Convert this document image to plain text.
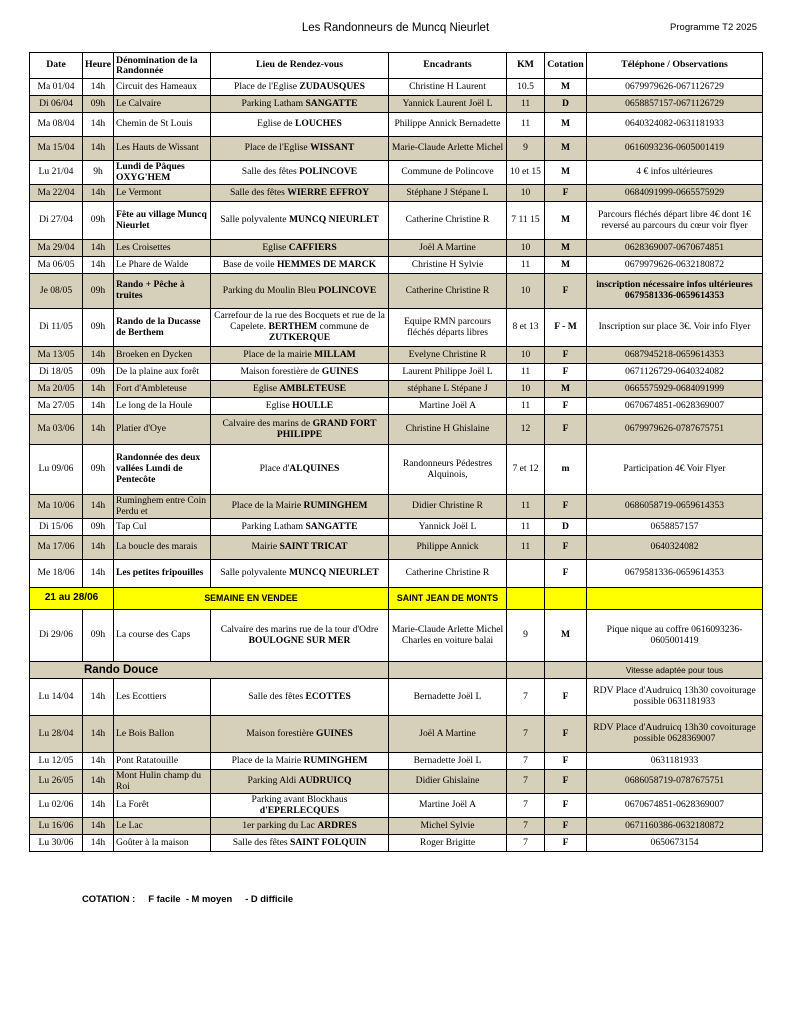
Les Randonneurs de Muncq Nieurlet	Programme T2 2025
Date	Heure	Dénomination de la Randonnée	Lieu de Rendez-vous	Encadrants	KM	Cotation	Téléphone / Observations
Ma 01/04	14h	Circuit des Hameaux	Place de l'Eglise ZUDAUSQUES	Christine H Laurent	10.5	M	0679979626-0671126729
Di 06/04	09h	Le Calvaire	Parking Latham SANGATTE	Yannick Laurent Joël L	11	D	0658857157-0671126729
Ma 08/04	14h	Chemin de St Louis	Eglise de LOUCHES	Philippe Annick Bernadette	11	M	0640324082-0631181933
Ma 15/04	14h	Les Hauts de Wissant	Place de l'Eglise WISSANT	Marie-Claude Arlette Michel	9	M	0616093236-0605001419
Lu 21/04	9h	Lundi de Pâques OXYG'HEM	Salle des fêtes POLINCOVE	Commune de Polincove	10 et 15	M	4 € infos ultérieures
Ma 22/04	14h	Le Vermont	Salle des fêtes WIERRE EFFROY	Stéphane J Stépane L	10	F	0684091999-0665575929
Di 27/04	09h	Fête au village Muncq Nieurlet	Salle polyvalente MUNCQ NIEURLET	Catherine Christine R	7 11 15	M	Parcours fléchés départ libre 4€ dont 1€ reversé au parcours du cœur voir flyer
Ma 29/04	14h	Les Croisettes	Eglise CAFFIERS	Joël A Martine	10	M	0628369007-0670674851
Ma 06/05	14h	Le Phare de Walde	Base de voile HEMMES DE MARCK	Christine H Sylvie	11	M	0679979626-0632180872
Je 08/05	09h	Rando + Pêche à truites	Parking du Moulin Bleu POLINCOVE	Catherine Christine R	10	F	inscription nécessaire infos ultérieures 0679581336-0659614353
Di 11/05	09h	Rando de la Ducasse de Berthem	Carrefour de la rue des Bocquets et rue de la Capelete. BERTHEM commune de ZUTKERQUE	Equipe RMN parcours fléchés départs libres	8 et 13	F - M	Inscription sur place 3€. Voir info Flyer
Ma 13/05	14h	Broeken en Dycken	Place de la mairie MILLAM	Evelyne Christine R	10	F	0687945218-0659614353
Di 18/05	09h	De la plaine aux forêt	Maison forestière de GUINES	Laurent Philippe Joël L	11	F	0671126729-0640324082
Ma 20/05	14h	Fort d'Ambleteuse	Eglise AMBLETEUSE	stéphane L Stépane J	10	M	0665575929-0684091999
Ma 27/05	14h	Le long de la Houle	Eglise HOULLE	Martine Joël A	11	F	0670674851-0628369007
Ma 03/06	14h	Platier d'Oye	Calvaire des marins de GRAND FORT PHILIPPE	Christine H Ghislaine	12	F	0679979626-0787675751
Lu 09/06	09h	Randonnée des deux vallées Lundi de Pentecôte	Place d'ALQUINES	Randonneurs Pédestres Alquinois,	7 et 12	m	Participation 4€ Voir Flyer
Ma 10/06	14h	Ruminghem entre Coin Perdu et	Place de la Mairie RUMINGHEM	Didier Christine R	11	F	0686058719-0659614353
Di 15/06	09h	Tap Cul	Parking Latham SANGATTE	Yannick Joël L	11	D	0658857157
Ma 17/06	14h	La boucle des marais	Mairie SAINT TRICAT	Philippe Annick	11	F	0640324082
Me 18/06	14h	Les petites fripouilles	Salle polyvalente MUNCQ NIEURLET	Catherine Christine R		F	0679581336-0659614353
21 au 28/06		SEMAINE EN VENDEE		SAINT JEAN DE MONTS			
Di 29/06	09h	La course des Caps	Calvaire des marins rue de la tour d'Odre BOULOGNE SUR MER	Marie-Claude Arlette Michel Charles en voiture balai	9	M	Pique nique au coffre 0616093236-0605001419
Rando Douce							Vitesse adaptée pour tous
Lu 14/04	14h	Les Ecottiers	Salle des fêtes ECOTTES	Bernadette Joël L	7	F	RDV Place d'Audruicq 13h30 covoiturage possible 0631181933
Lu 28/04	14h	Le Bois Ballon	Maison forestière GUINES	Joël A Martine	7	F	RDV Place d'Audruicq 13h30 covoiturage possible 0628369007
Lu 12/05	14h	Pont Ratatouille	Place de la Mairie RUMINGHEM	Bernadette Joël L	7	F	0631181933
Lu 26/05	14h	Mont Hulin champ du Roi	Parking Aldi AUDRUICQ	Didier Ghislaine	7	F	0686058719-0787675751
Lu 02/06	14h	La Forêt	Parking avant Blockhaus d'EPERLECQUES	Martine Joël A	7	F	0670674851-0628369007
Lu 16/06	14h	Le Lac	1er parking du Lac ARDRES	Michel Sylvie	7	F	0671160386-0632180872
Lu 30/06	14h	Goûter à la maison	Salle des fêtes SAINT FOLQUIN	Roger Brigitte	7	F	0650673154
COTATION :     F facile  - M moyen     - D difficile
